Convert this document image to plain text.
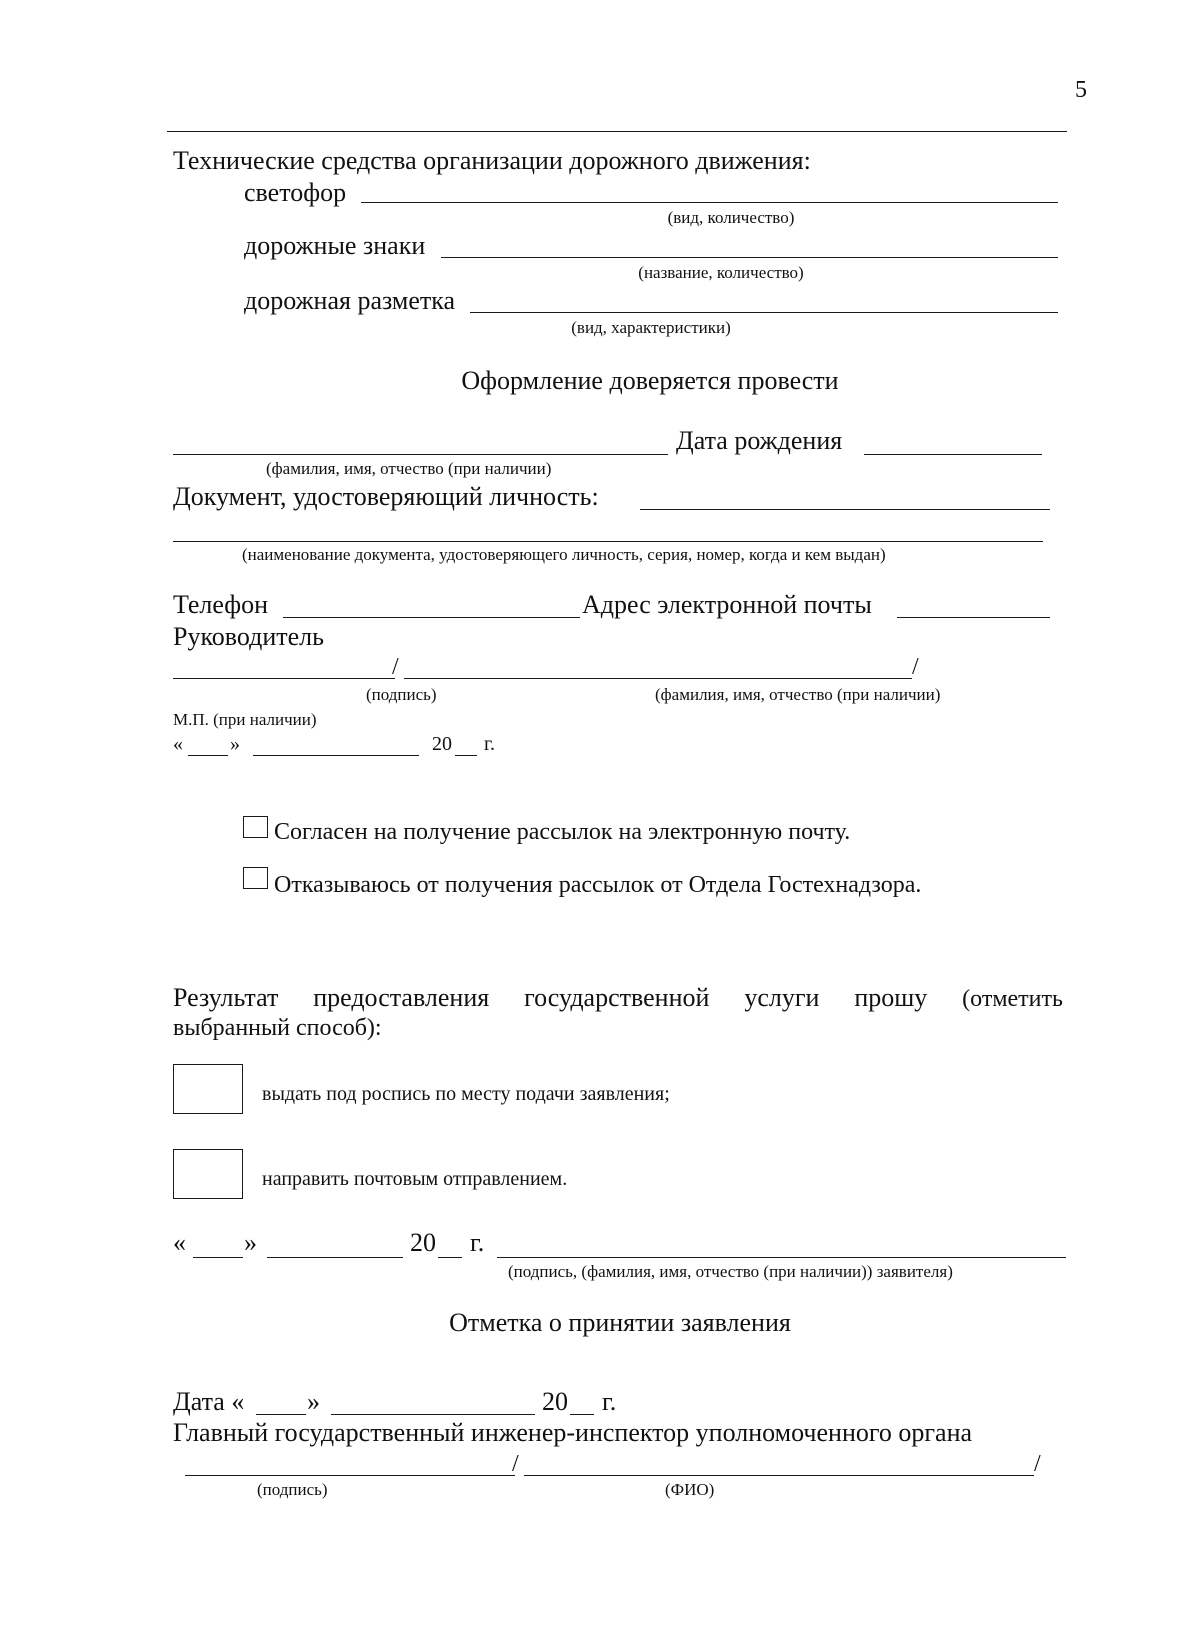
5
Технические средства организации дорожного движения:
светофор
(вид, количество)
дорожные знаки
(название, количество)
дорожная разметка
(вид, характеристики)
Оформление доверяется провести
Дата рождения
(фамилия, имя, отчество (при наличии)
Документ, удостоверяющий личность:
(наименование документа, удостоверяющего личность, серия, номер, когда и кем выдан)
Телефон	Адрес электронной почты
Руководитель
/	/
(подпись)	(фамилия, имя, отчество (при наличии)
М.П. (при наличии)
« »	20 г.
Согласен на получение рассылок на электронную почту.
Отказываюсь от получения рассылок от Отдела Гостехнадзора.
Результат предоставления государственной услуги прошу (отметить
выбранный способ):
выдать под роспись по месту подачи заявления;
направить почтовым отправлением.
« »	20 г.
(подпись, (фамилия, имя, отчество (при наличии)) заявителя)
Отметка о принятии заявления
Дата « »	20 г.
Главный государственный инженер-инспектор уполномоченного органа
/	/
(подпись)	(ФИО)
